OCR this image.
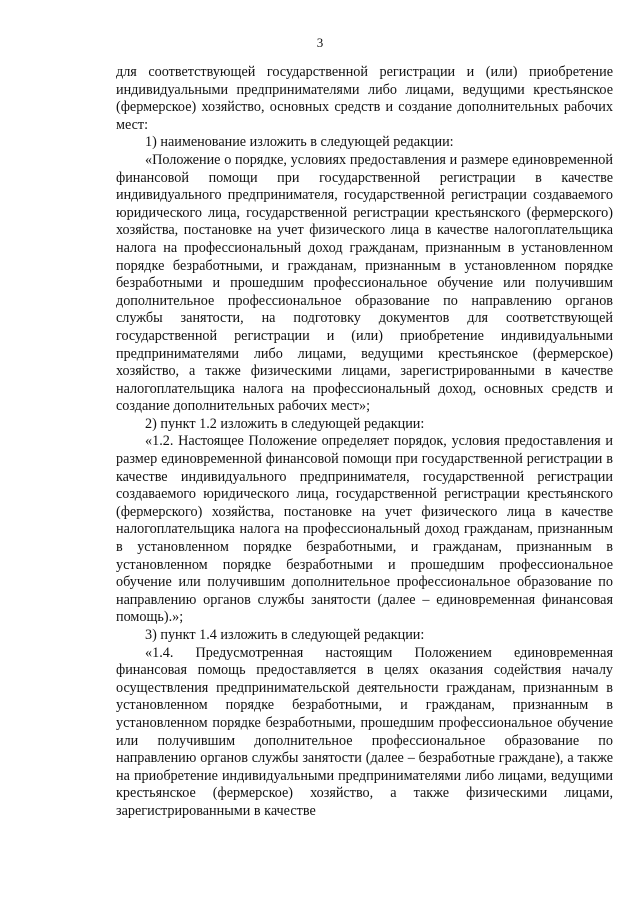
3

для соответствующей государственной регистрации и (или) приобретение индивидуальными предпринимателями либо лицами, ведущими крестьянское (фермерское) хозяйство, основных средств и создание дополнительных рабочих мест:

1) наименование изложить в следующей редакции:

«Положение о порядке, условиях предоставления и размере единовременной финансовой помощи при государственной регистрации в качестве индивидуального предпринимателя, государственной регистрации создаваемого юридического лица, государственной регистрации крестьянского (фермерского) хозяйства, постановке на учет физического лица в качестве налогоплательщика налога на профессиональный доход гражданам, признанным в установленном порядке безработными, и гражданам, признанным в установленном порядке безработными и прошедшим профессиональное обучение или получившим дополнительное профессиональное образование по направлению органов службы занятости, на подготовку документов для соответствующей государственной регистрации и (или) приобретение индивидуальными предпринимателями либо лицами, ведущими крестьянское (фермерское) хозяйство, а также физическими лицами, зарегистрированными в качестве налогоплательщика налога на профессиональный доход, основных средств и создание дополнительных рабочих мест»;

2) пункт 1.2 изложить в следующей редакции:

«1.2. Настоящее Положение определяет порядок, условия предоставления и размер единовременной финансовой помощи при государственной регистрации в качестве индивидуального предпринимателя, государственной регистрации создаваемого юридического лица, государственной регистрации крестьянского (фермерского) хозяйства, постановке на учет физического лица в качестве налогоплательщика налога на профессиональный доход гражданам, признанным в установленном порядке безработными, и гражданам, признанным в установленном порядке безработными и прошедшим профессиональное обучение или получившим дополнительное профессиональное образование по направлению органов службы занятости (далее – единовременная финансовая помощь).»;

3) пункт 1.4 изложить в следующей редакции:

«1.4. Предусмотренная настоящим Положением единовременная финансовая помощь предоставляется в целях оказания содействия началу осуществления предпринимательской деятельности гражданам, признанным в установленном порядке безработными, и гражданам, признанным в установленном порядке безработными, прошедшим профессиональное обучение или получившим дополнительное профессиональное образование по направлению органов службы занятости (далее – безработные граждане), а также на приобретение индивидуальными предпринимателями либо лицами, ведущими крестьянское (фермерское) хозяйство, а также физическими лицами, зарегистрированными в качестве
